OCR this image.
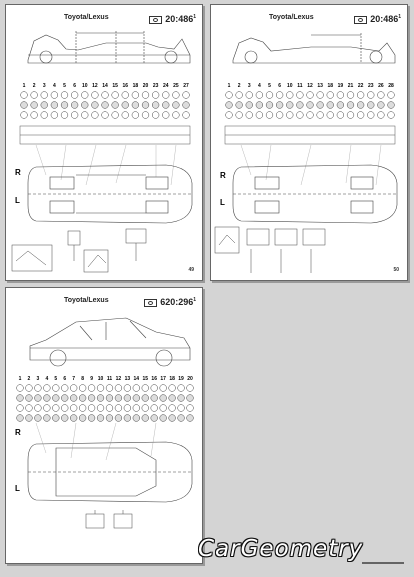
Toyota/Lexus	$20:486^1$
1 2 3 4 5 6 10 12 14 15 16 18 20 23 24 25 27
49
Toyota/Lexus	$20:486^1$
1 2 3 4 5 6 10 11 12 13 18 19 21 22 23 26 28
50
Toyota/Lexus	$620:296^1$
1 2 3 4 5 6 7 8 9 10 11 12 13 14 15 16 17 18 19 20
R
L
R
L
R
L
CarGeometry
